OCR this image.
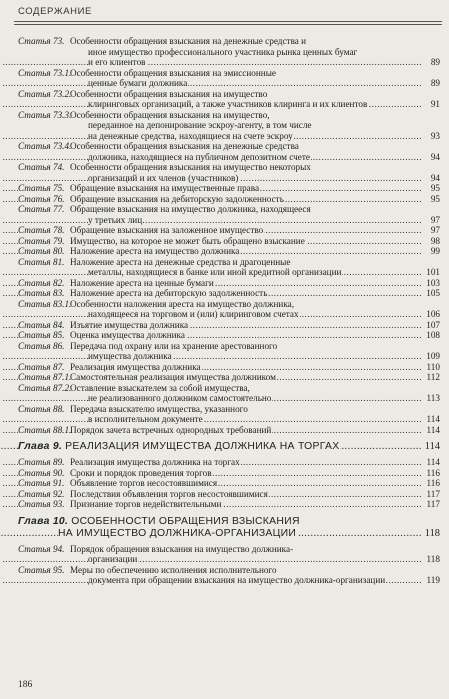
СОДЕРЖАНИЕ
Статья 73. Особенности обращения взыскания на денежные средства и
иное имущество профессионального участника рынка ценных бумаг
и его клиентов	89
.....
Статья 73.1.Особенности обращения взыскания на эмиссионные
ценные бумаги должника	89
.....
Статья 73.2.Особенности обращения взыскания на имущество
клиринговых организаций, а также участников клиринга и их клиентов	91
.....
Статья 73.3.Особенности обращения взыскания на имущество,
переданное на депонирование эскроу-агенту, в том числе
на денежные средства, находящиеся на счете эскроу	93
.....
Статья 73.4.Особенности обращения взыскания на денежные средства
должника, находящиеся на публичном депозитном счете	94
.....
Статья 74. Особенности обращения взыскания на имущество некоторых
организаций и их членов (участников)	94
.....
Статья 75. Обращение взыскания на имущественные права	95
.....
Статья 76. Обращение взыскания на дебиторскую задолженность	95
.....
Статья 77. Обращение взыскания на имущество должника, находящееся
у третьих лиц	97
.....
Статья 78. Обращение взыскания на заложенное имущество	97
.....
Статья 79. Имущество, на которое не может быть обращено взыскание	98
.....
Статья 80. Наложение ареста на имущество должника	99
.....
Статья 81. Наложение ареста на денежные средства и драгоценные
металлы, находящиеся в банке или иной кредитной организации	101
.....
Статья 82. Наложение ареста на ценные бумаги	103
.....
Статья 83. Наложение ареста на дебиторскую задолженность	105
.....
Статья 83.1.Особенности наложения ареста на имущество должника,
находящееся на торговом и (или) клиринговом счетах	106
.....
Статья 84. Изъятие имущества должника	107
.....
Статья 85. Оценка имущества должника	108
.....
Статья 86. Передача под охрану или на хранение арестованного
имущества должника	109
.....
Статья 87. Реализация имущества должника	110
.....
Статья 87.1.Самостоятельная реализация имущества должником	112
.....
Статья 87.2.Оставление взыскателем за собой имущества,
не реализованного должником самостоятельно	113
.....
Статья 88. Передача взыскателю имущества, указанного
в исполнительном документе	114
.....
Статья 88.1.Порядок зачета встречных однородных требований	114
.....
Глава 9. РЕАЛИЗАЦИЯ ИМУЩЕСТВА ДОЛЖНИКА НА ТОРГАХ	114
.....
Статья 89. Реализация имущества должника на торгах	114
.....
Статья 90. Сроки и порядок проведения торгов	116
.....
Статья 91. Объявление торгов несостоявшимися	116
.....
Статья 92. Последствия объявления торгов несостоявшимися	117
.....
Статья 93. Признание торгов недействительными	117
.....
Глава 10. ОСОБЕННОСТИ ОБРАЩЕНИЯ ВЗЫСКАНИЯ
НА ИМУЩЕСТВО ДОЛЖНИКА-ОРГАНИЗАЦИИ	118
.....
Статья 94. Порядок обращения взыскания на имущество должника-
организации	118
.....
Статья 95. Меры по обеспечению исполнения исполнительного
документа при обращении взыскания на имущество должника-организации	119
.....
186
